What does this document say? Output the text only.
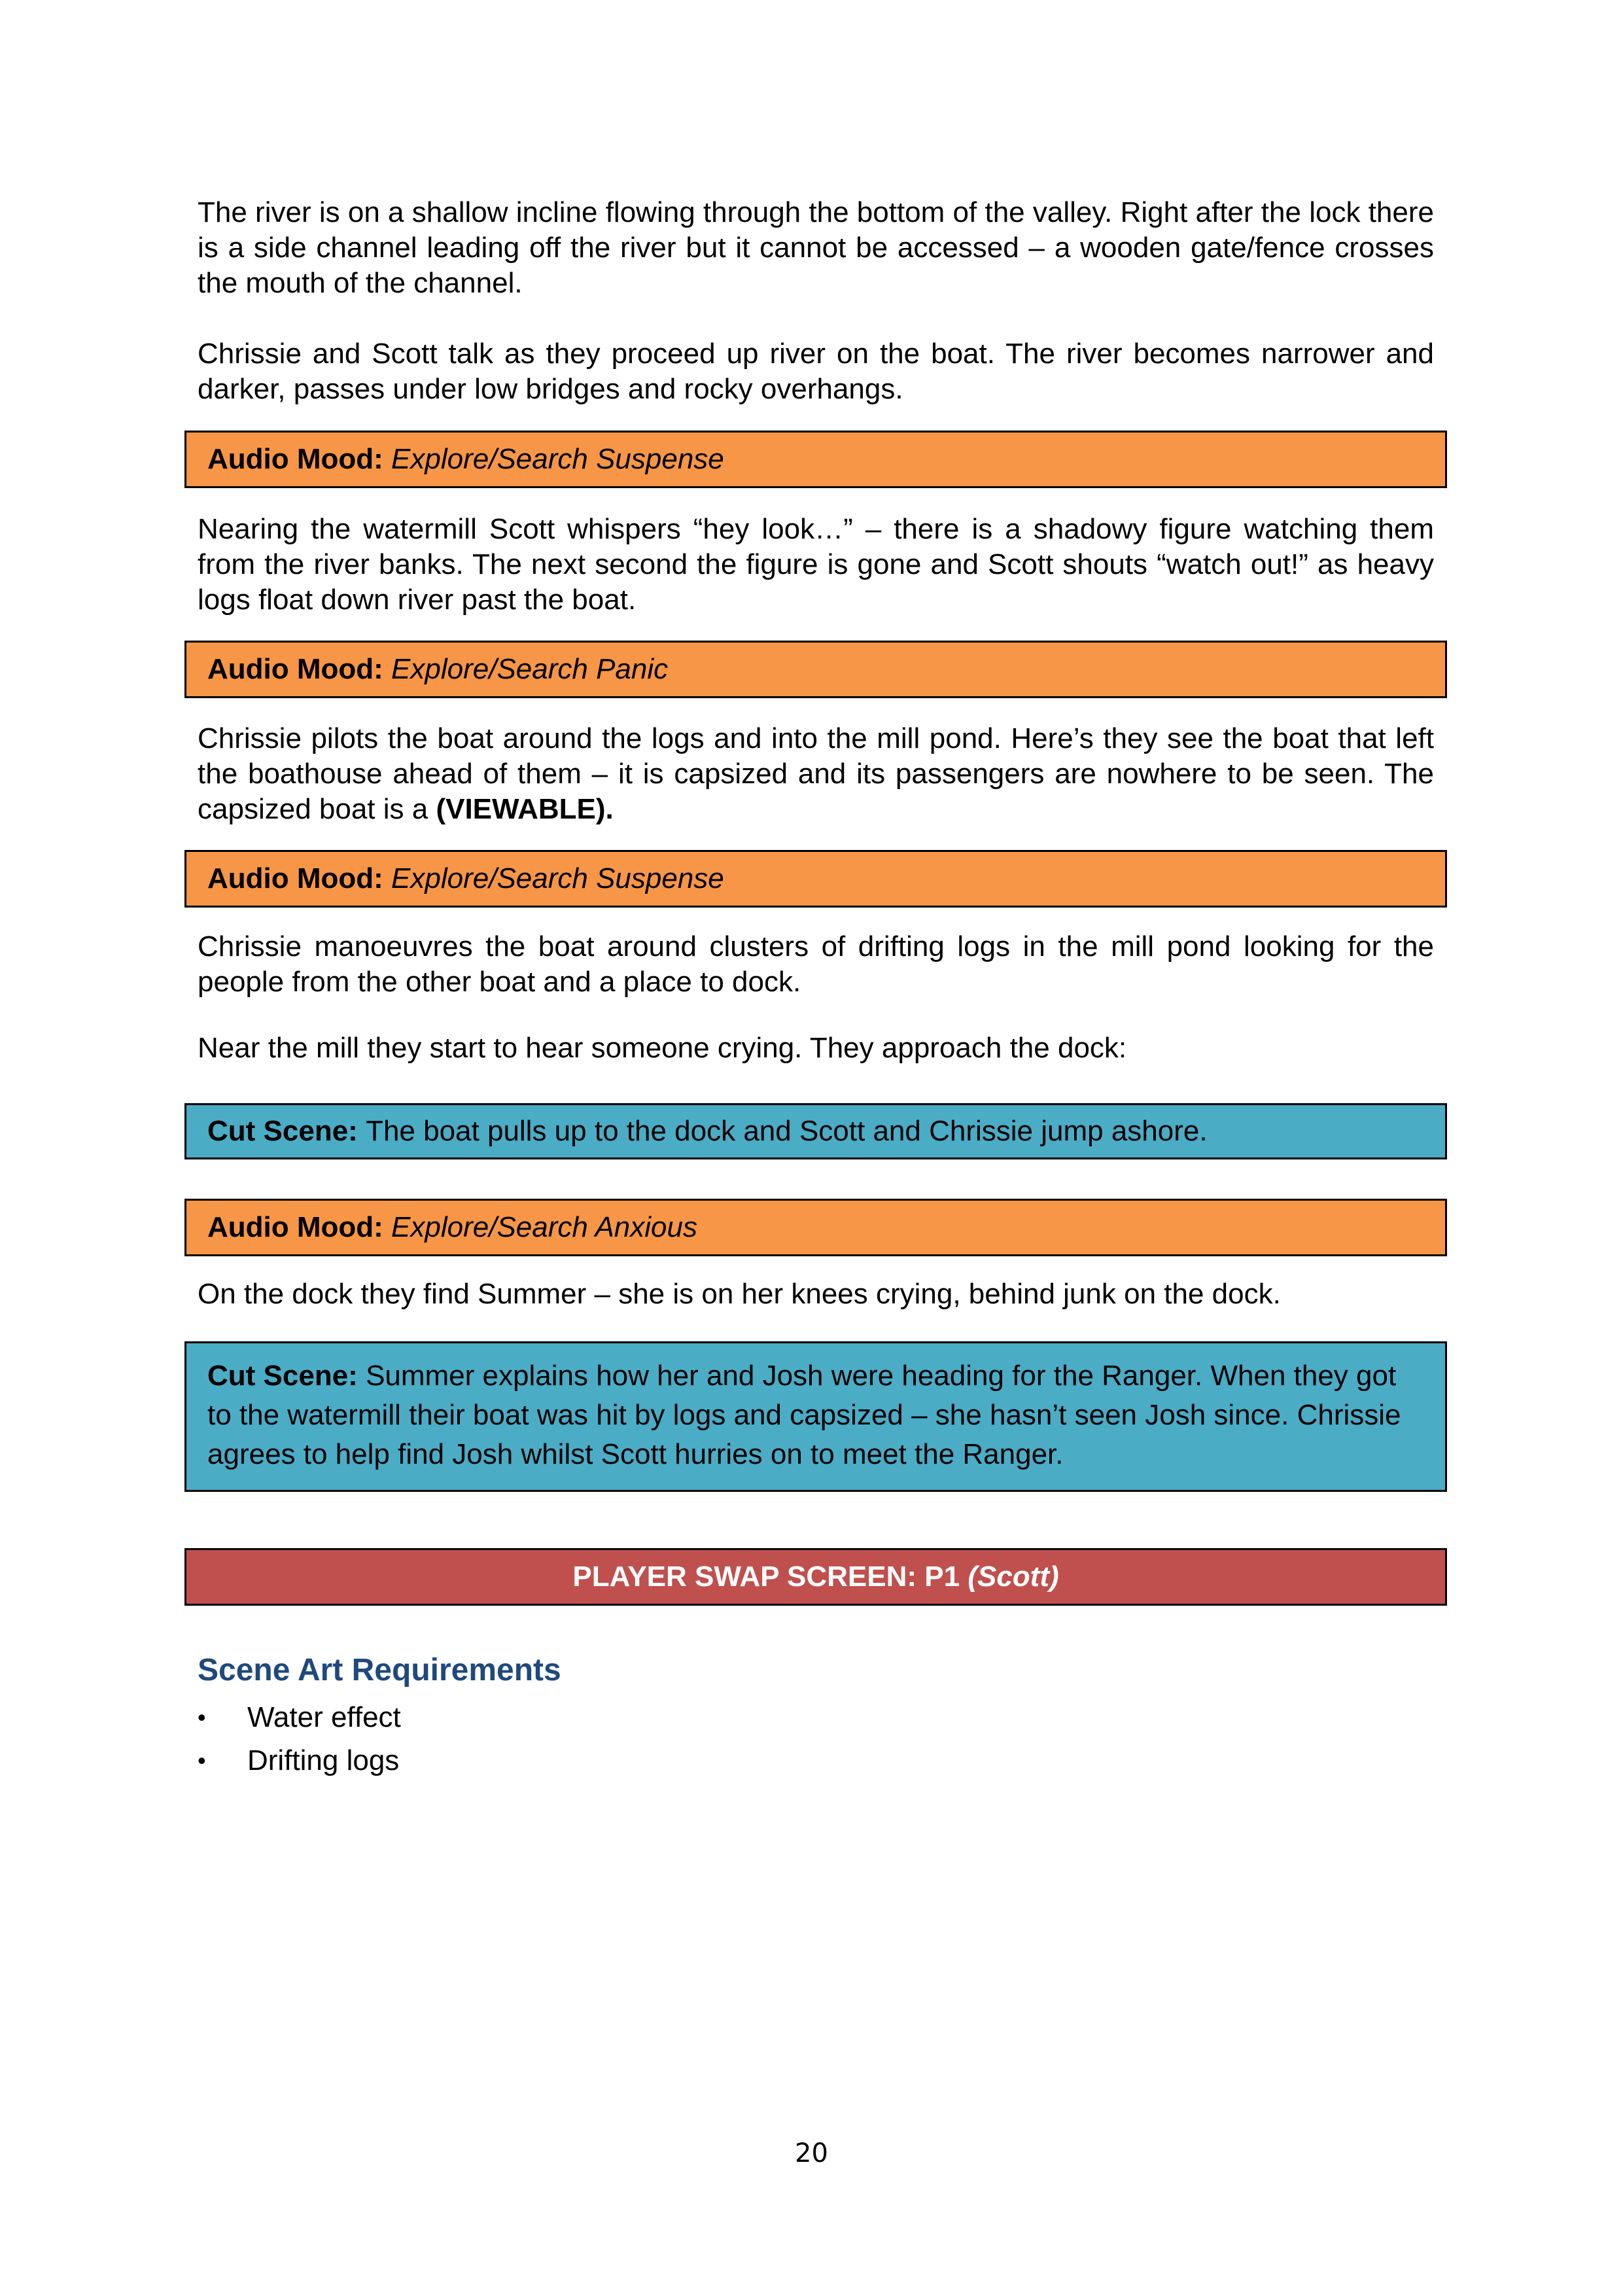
The river is on a shallow incline flowing through the bottom of the valley. Right after the lock there is a side channel leading off the river but it cannot be accessed – a wooden gate/fence crosses the mouth of the channel.

Chrissie and Scott talk as they proceed up river on the boat. The river becomes narrower and darker, passes under low bridges and rocky overhangs.

Audio Mood:
Explore/Search Suspense

Nearing the watermill Scott whispers “hey look…” – there is a shadowy figure watching them from the river banks. The next second the figure is gone and Scott shouts “watch out!” as heavy logs float down river past the boat.

Audio Mood:
Explore/Search Panic

Chrissie pilots the boat around the logs and into the mill pond. Here’s they see the boat that left the boathouse ahead of them – it is capsized and its passengers are nowhere to be seen. The capsized boat is a (VIEWABLE).

Audio Mood:
Explore/Search Suspense

Chrissie manoeuvres the boat around clusters of drifting logs in the mill pond looking for the people from the other boat and a place to dock.

Near the mill they start to hear someone crying. They approach the dock:

Cut Scene:
The boat pulls up to the dock and Scott and Chrissie jump ashore.
Audio Mood:
Explore/Search Anxious

On the dock they find Summer – she is on her knees crying, behind junk on the dock.

Cut Scene: Summer explains how her and Josh were heading for the Ranger. When they got to the watermill their boat was hit by logs and capsized – she hasn’t seen Josh since. Chrissie agrees to help find Josh whilst Scott hurries on to meet the Ranger.
PLAYER SWAP SCREEN: P1
(Scott)
Scene Art Requirements
•	Water effect
•	Drifting logs
20
